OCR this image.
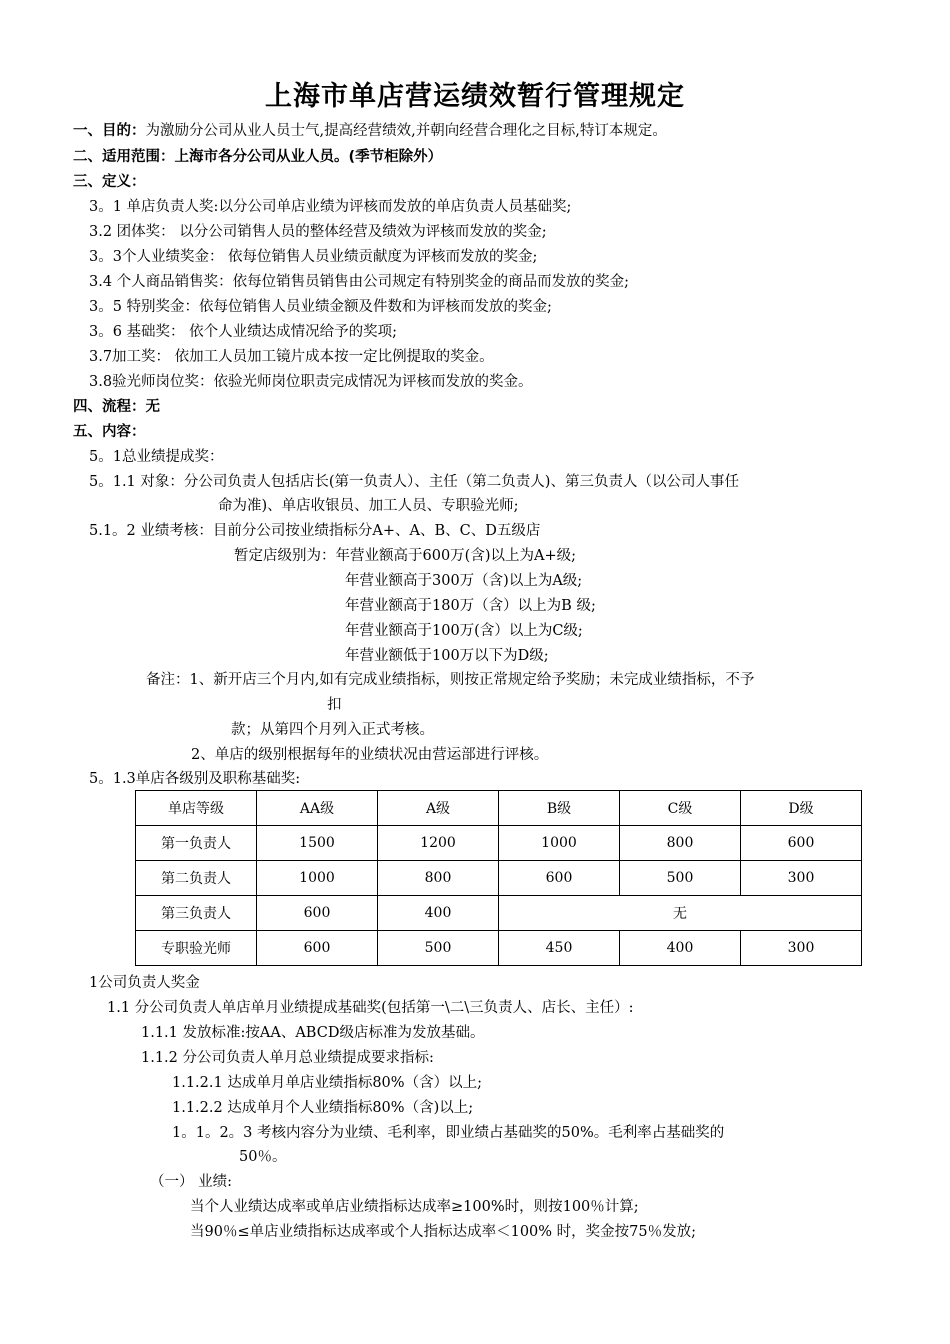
上海市单店营运绩效暂行管理规定
一、目的：为激励分公司从业人员士气,提高经营绩效,并朝向经营合理化之目标,特订本规定。
二、适用范围：上海市各分公司从业人员。(季节柜除外）
三、定义：
3。1 单店负责人奖:以分公司单店业绩为评核而发放的单店负责人员基础奖;
3.2 团体奖： 以分公司销售人员的整体经营及绩效为评核而发放的奖金;
3。3个人业绩奖金： 依每位销售人员业绩贡献度为评核而发放的奖金;
3.4 个人商品销售奖：依每位销售员销售由公司规定有特别奖金的商品而发放的奖金;
3。5 特别奖金：依每位销售人员业绩金额及件数和为评核而发放的奖金;
3。6 基础奖： 依个人业绩达成情况给予的奖项;
3.7加工奖： 依加工人员加工镜片成本按一定比例提取的奖金。
3.8验光师岗位奖：依验光师岗位职责完成情况为评核而发放的奖金。
四、流程：无
五、内容：
5。1总业绩提成奖：
5。1.1 对象：分公司负责人包括店长(第一负责人）、主任（第二负责人)、第三负责人（以公司人事任
命为准)、单店收银员、加工人员、专职验光师;
5.1。2 业绩考核：目前分公司按业绩指标分A+、A、B、C、D五级店
暂定店级别为：年营业额高于600万(含)以上为A+级;
年营业额高于300万（含)以上为A级;
年营业额高于180万（含）以上为B 级;
年营业额高于100万(含）以上为C级;
年营业额低于100万以下为D级;
备注：1、新开店三个月内,如有完成业绩指标，则按正常规定给予奖励；未完成业绩指标，不予
扣
款；从第四个月列入正式考核。
2、单店的级别根据每年的业绩状况由营运部进行评核。
5。1.3单店各级别及职称基础奖:
单店等级	AA级	A级	B级	C级	D级
第一负责人	1500	1200	1000	800	600
第二负责人	1000	800	600	500	300
第三负责人	600	400	无		
专职验光师	600	500	450	400	300
1公司负责人奖金
1.1 分公司负责人单店单月业绩提成基础奖(包括第一\二\三负责人、店长、主任）:
1.1.1 发放标准:按AA、ABCD级店标准为发放基础。
1.1.2 分公司负责人单月总业绩提成要求指标:
1.1.2.1 达成单月单店业绩指标80%（含）以上;
1.1.2.2 达成单月个人业绩指标80%（含)以上;
1。1。2。3 考核内容分为业绩、毛利率，即业绩占基础奖的50%。毛利率占基础奖的
50％。
（一） 业绩:
当个人业绩达成率或单店业绩指标达成率≥100%时，则按100％计算;
当90％≤单店业绩指标达成率或个人指标达成率＜100% 时，奖金按75％发放;
